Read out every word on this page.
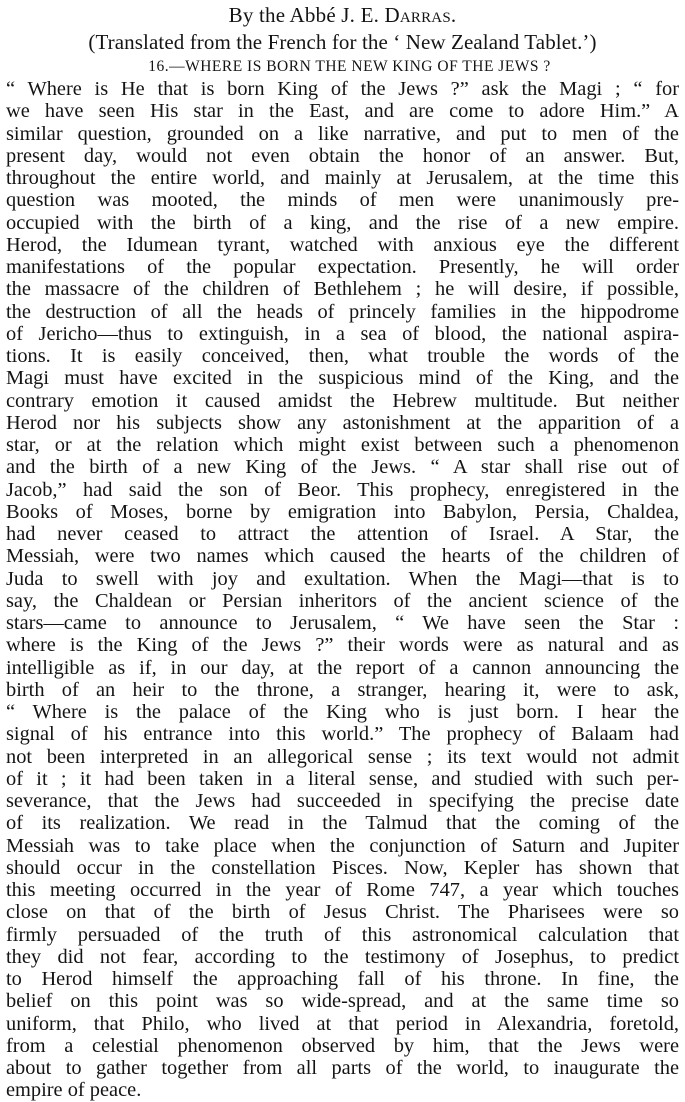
By the Abbé J. E. Darras.
(Translated from the French for the ‘ New Zealand Tablet.’)
16.—WHERE IS BORN THE NEW KING OF THE JEWS ?
“ Where is He that is born King of the Jews ?” ask the Magi ; “ for
we have seen His star in the East, and are come to adore Him.” A
similar question, grounded on a like narrative, and put to men of the
present day, would not even obtain the honor of an answer. But,
throughout the entire world, and mainly at Jerusalem, at the time this
question was mooted, the minds of men were unanimously pre-
occupied with the birth of a king, and the rise of a new empire.
Herod, the Idumean tyrant, watched with anxious eye the different
manifestations of the popular expectation. Presently, he will order
the massacre of the children of Bethlehem ; he will desire, if possible,
the destruction of all the heads of princely families in the hippodrome
of Jericho—thus to extinguish, in a sea of blood, the national aspira-
tions. It is easily conceived, then, what trouble the words of the
Magi must have excited in the suspicious mind of the King, and the
contrary emotion it caused amidst the Hebrew multitude. But neither
Herod nor his subjects show any astonishment at the apparition of a
star, or at the relation which might exist between such a phenomenon
and the birth of a new King of the Jews. “ A star shall rise out of
Jacob,” had said the son of Beor. This prophecy, enregistered in the
Books of Moses, borne by emigration into Babylon, Persia, Chaldea,
had never ceased to attract the attention of Israel. A Star, the
Messiah, were two names which caused the hearts of the children of
Juda to swell with joy and exultation. When the Magi—that is to
say, the Chaldean or Persian inheritors of the ancient science of the
stars—came to announce to Jerusalem, “ We have seen the Star :
where is the King of the Jews ?” their words were as natural and as
intelligible as if, in our day, at the report of a cannon announcing the
birth of an heir to the throne, a stranger, hearing it, were to ask,
“ Where is the palace of the King who is just born. I hear the
signal of his entrance into this world.” The prophecy of Balaam had
not been interpreted in an allegorical sense ; its text would not admit
of it ; it had been taken in a literal sense, and studied with such per-
severance, that the Jews had succeeded in specifying the precise date
of its realization. We read in the Talmud that the coming of the
Messiah was to take place when the conjunction of Saturn and Jupiter
should occur in the constellation Pisces. Now, Kepler has shown that
this meeting occurred in the year of Rome 747, a year which touches
close on that of the birth of Jesus Christ. The Pharisees were so
firmly persuaded of the truth of this astronomical calculation that
they did not fear, according to the testimony of Josephus, to predict
to Herod himself the approaching fall of his throne. In fine, the
belief on this point was so wide-spread, and at the same time so
uniform, that Philo, who lived at that period in Alexandria, foretold,
from a celestial phenomenon observed by him, that the Jews were
about to gather together from all parts of the world, to inaugurate the
empire of peace.
